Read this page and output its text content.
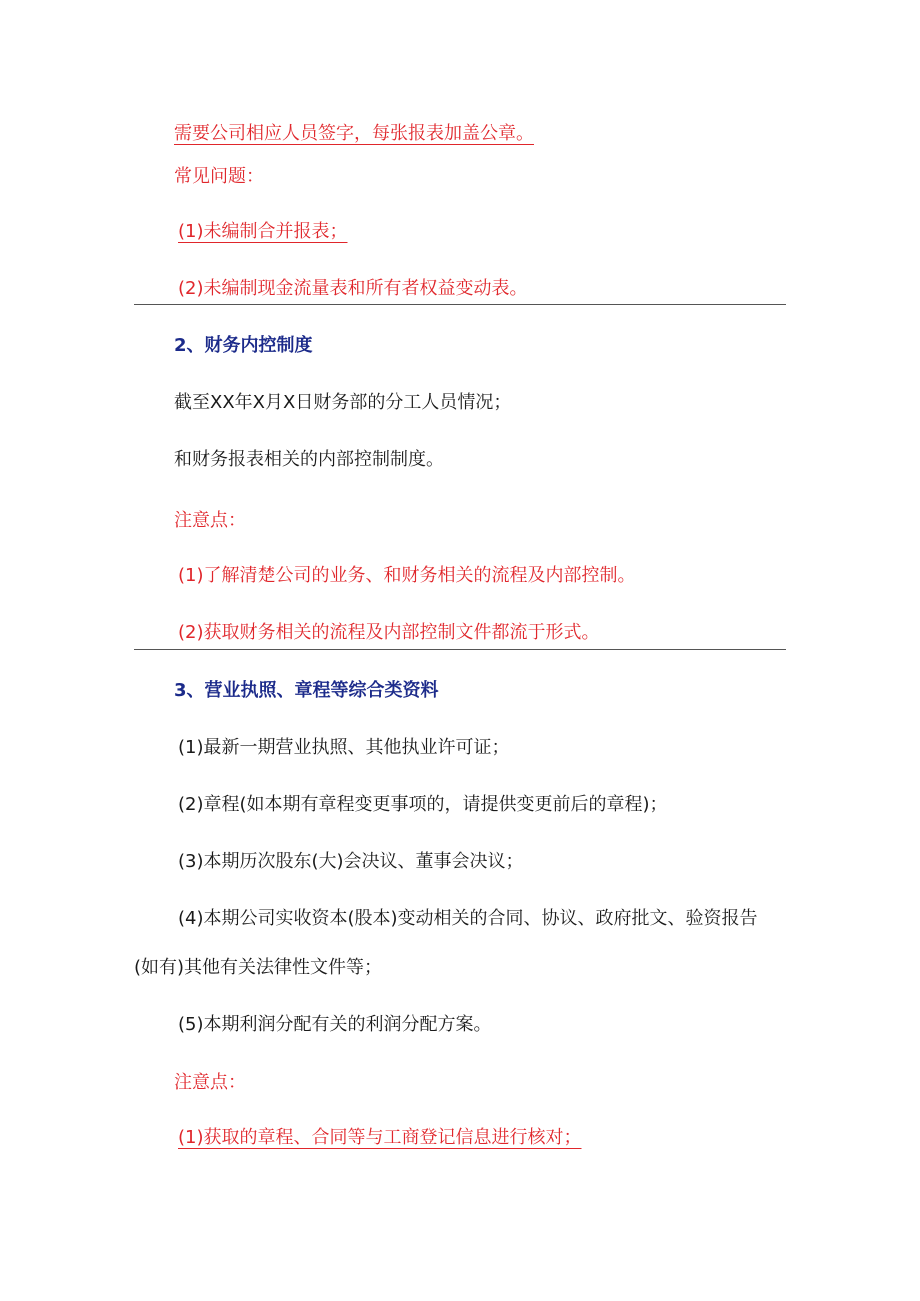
需要公司相应人员签字，每张报表加盖公章。
常见问题：
(1)未编制合并报表；
(2)未编制现金流量表和所有者权益变动表。
2、财务内控制度
截至XX年X月X日财务部的分工人员情况；
和财务报表相关的内部控制制度。
注意点：
(1)了解清楚公司的业务、和财务相关的流程及内部控制。
(2)获取财务相关的流程及内部控制文件都流于形式。
3、营业执照、章程等综合类资料
(1)最新一期营业执照、其他执业许可证；
(2)章程(如本期有章程变更事项的，请提供变更前后的章程)；
(3)本期历次股东(大)会决议、董事会决议；
(4)本期公司实收资本(股本)变动相关的合同、协议、政府批文、验资报告
(如有)其他有关法律性文件等；
(5)本期利润分配有关的利润分配方案。
注意点：
(1)获取的章程、合同等与工商登记信息进行核对；
